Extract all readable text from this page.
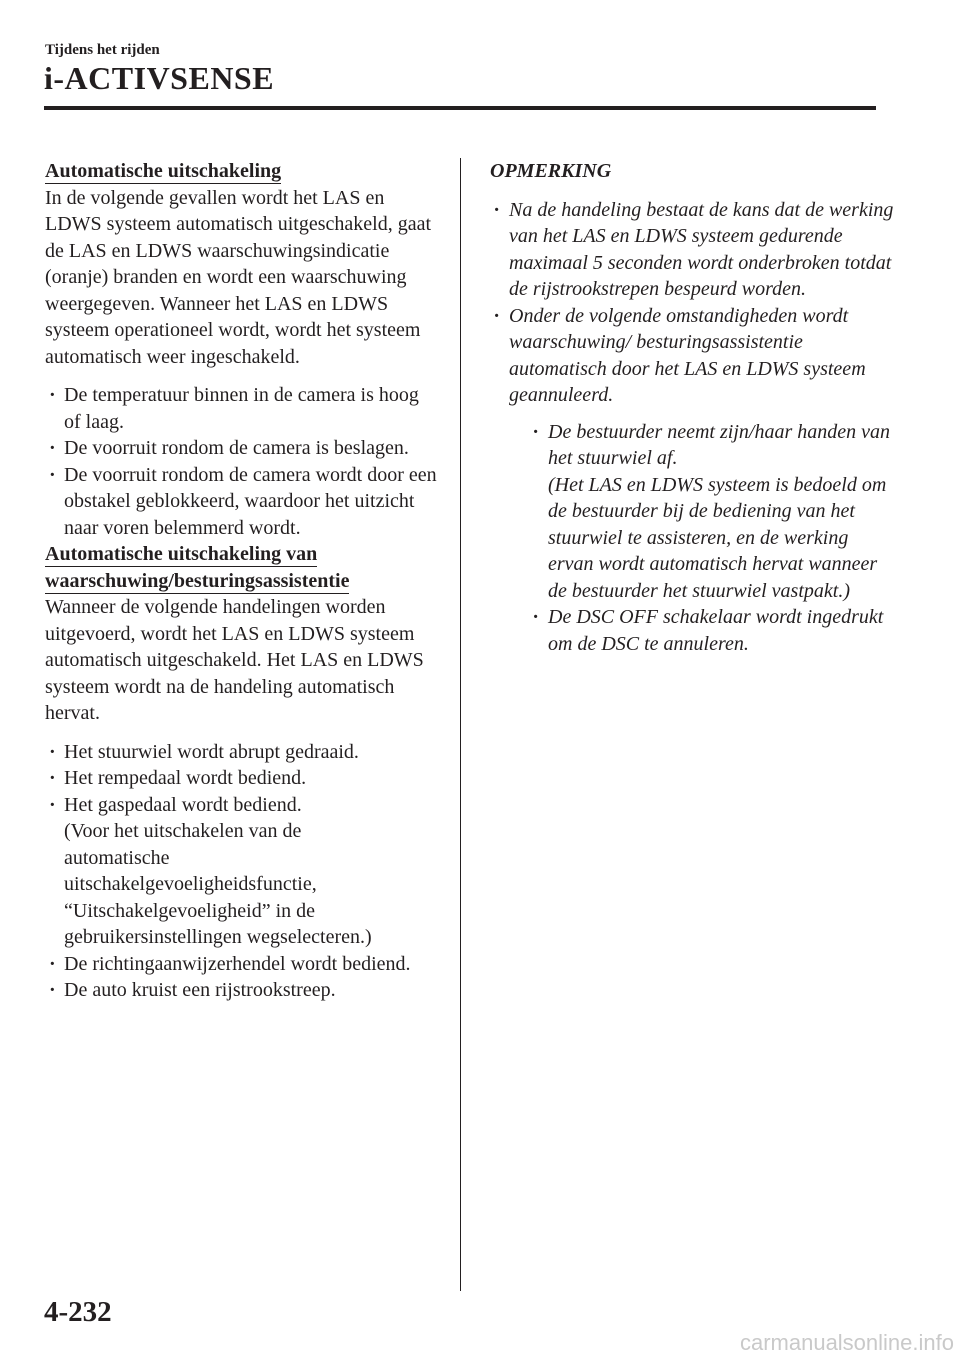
Tijdens het rijden
i-ACTIVSENSE
Automatische uitschakeling

In de volgende gevallen wordt het LAS en LDWS systeem automatisch uitgeschakeld, gaat de LAS en LDWS waarschuwingsindicatie (oranje) branden en wordt een waarschuwing weergegeven. Wanneer het LAS en LDWS systeem operationeel wordt, wordt het systeem automatisch weer ingeschakeld.

· De temperatuur binnen in de camera is hoog of laag.
· De voorruit rondom de camera is beslagen.
· De voorruit rondom de camera wordt door een obstakel geblokkeerd, waardoor het uitzicht naar voren belemmerd wordt.
Automatische uitschakeling van
waarschuwing/besturingsassistentie

Wanneer de volgende handelingen worden uitgevoerd, wordt het LAS en LDWS systeem automatisch uitgeschakeld. Het LAS en LDWS systeem wordt na de handeling automatisch hervat.

· Het stuurwiel wordt abrupt gedraaid.
· Het rempedaal wordt bediend.
· Het gaspedaal wordt bediend.
(Voor het uitschakelen van de
automatische
uitschakelgevoeligheidsfunctie,
“Uitschakelgevoeligheid” in de
gebruikersinstellingen wegselecteren.)
· De richtingaanwijzerhendel wordt bediend.
· De auto kruist een rijstrookstreep.

OPMERKING

· Na de handeling bestaat de kans dat de werking van het LAS en LDWS systeem gedurende maximaal 5 seconden wordt onderbroken totdat de rijstrookstrepen bespeurd worden.
· Onder de volgende omstandigheden wordt waarschuwing/ besturingsassistentie automatisch door het LAS en LDWS systeem geannuleerd.
· De bestuurder neemt zijn/haar handen van het stuurwiel af.
(Het LAS en LDWS systeem is bedoeld om de bestuurder bij de bediening van het stuurwiel te assisteren, en de werking ervan wordt automatisch hervat wanneer de bestuurder het stuurwiel vastpakt.)
· De DSC OFF schakelaar wordt ingedrukt om de DSC te annuleren.
4-232
carmanualsonline.info
